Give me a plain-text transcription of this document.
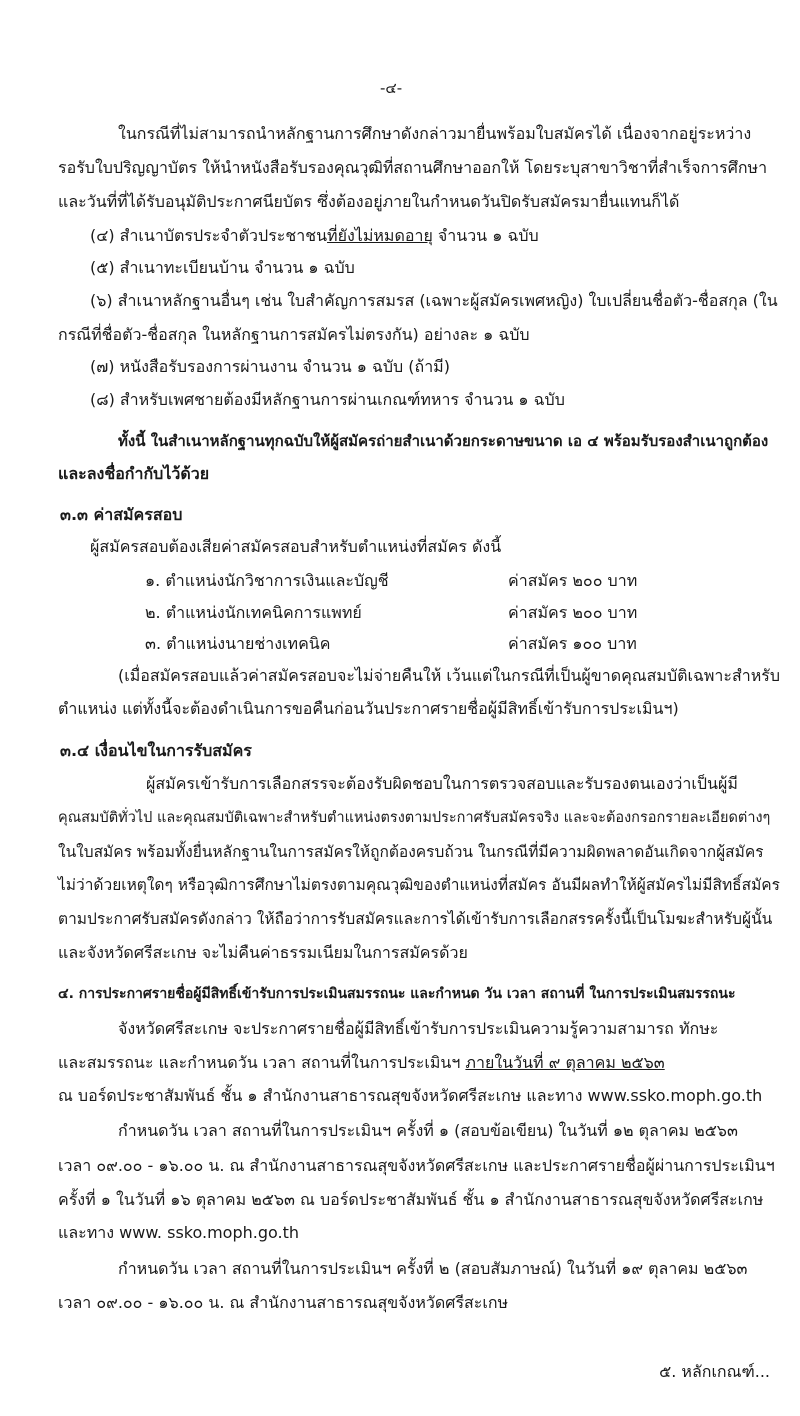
-๔-
ในกรณีที่ไม่สามารถนำหลักฐานการศึกษาดังกล่าวมายื่นพร้อมใบสมัครได้ เนื่องจากอยู่ระหว่าง
รอรับใบปริญญาบัตร ให้นำหนังสือรับรองคุณวุฒิที่สถานศึกษาออกให้ โดยระบุสาขาวิชาที่สำเร็จการศึกษา
และวันที่ที่ได้รับอนุมัติประกาศนียบัตร ซึ่งต้องอยู่ภายในกำหนดวันปิดรับสมัครมายื่นแทนก็ได้
(๔) สำเนาบัตรประจำตัวประชาชนที่ยังไม่หมดอายุ จำนวน ๑ ฉบับ
(๕) สำเนาทะเบียนบ้าน จำนวน ๑ ฉบับ
(๖) สำเนาหลักฐานอื่นๆ เช่น ใบสำคัญการสมรส (เฉพาะผู้สมัครเพศหญิง) ใบเปลี่ยนชื่อตัว-ชื่อสกุล (ใน
กรณีที่ชื่อตัว-ชื่อสกุล ในหลักฐานการสมัครไม่ตรงกัน) อย่างละ ๑ ฉบับ
(๗) หนังสือรับรองการผ่านงาน จำนวน ๑ ฉบับ (ถ้ามี)
(๘) สำหรับเพศชายต้องมีหลักฐานการผ่านเกณฑ์ทหาร จำนวน ๑ ฉบับ
ทั้งนี้ ในสำเนาหลักฐานทุกฉบับให้ผู้สมัครถ่ายสำเนาด้วยกระดาษขนาด เอ ๔ พร้อมรับรองสำเนาถูกต้อง
และลงชื่อกำกับไว้ด้วย
๓.๓ ค่าสมัครสอบ
ผู้สมัครสอบต้องเสียค่าสมัครสอบสำหรับตำแหน่งที่สมัคร ดังนี้
๑. ตำแหน่งนักวิชาการเงินและบัญชี	ค่าสมัคร ๒๐๐ บาท
๒. ตำแหน่งนักเทคนิคการแพทย์	ค่าสมัคร ๒๐๐ บาท
๓. ตำแหน่งนายช่างเทคนิค	ค่าสมัคร ๑๐๐ บาท
(เมื่อสมัครสอบแล้วค่าสมัครสอบจะไม่จ่ายคืนให้ เว้นแต่ในกรณีที่เป็นผู้ขาดคุณสมบัติเฉพาะสำหรับ
ตำแหน่ง แต่ทั้งนี้จะต้องดำเนินการขอคืนก่อนวันประกาศรายชื่อผู้มีสิทธิ์เข้ารับการประเมินฯ)
๓.๔ เงื่อนไขในการรับสมัคร
ผู้สมัครเข้ารับการเลือกสรรจะต้องรับผิดชอบในการตรวจสอบและรับรองตนเองว่าเป็นผู้มี
คุณสมบัติทั่วไป และคุณสมบัติเฉพาะสำหรับตำแหน่งตรงตามประกาศรับสมัครจริง และจะต้องกรอกรายละเอียดต่างๆ
ในใบสมัคร พร้อมทั้งยื่นหลักฐานในการสมัครให้ถูกต้องครบถ้วน ในกรณีที่มีความผิดพลาดอันเกิดจากผู้สมัคร
ไม่ว่าด้วยเหตุใดๆ หรือวุฒิการศึกษาไม่ตรงตามคุณวุฒิของตำแหน่งที่สมัคร อันมีผลทำให้ผู้สมัครไม่มีสิทธิ์สมัคร
ตามประกาศรับสมัครดังกล่าว ให้ถือว่าการรับสมัครและการได้เข้ารับการเลือกสรรครั้งนี้เป็นโมฆะสำหรับผู้นั้น
และจังหวัดศรีสะเกษ จะไม่คืนค่าธรรมเนียมในการสมัครด้วย
๔. การประกาศรายชื่อผู้มีสิทธิ์เข้ารับการประเมินสมรรถนะ และกำหนด วัน เวลา สถานที่ ในการประเมินสมรรถนะ
จังหวัดศรีสะเกษ จะประกาศรายชื่อผู้มีสิทธิ์เข้ารับการประเมินความรู้ความสามารถ ทักษะ
และสมรรถนะ และกำหนดวัน เวลา สถานที่ในการประเมินฯ ภายในวันที่ ๙ ตุลาคม ๒๕๖๓
ณ บอร์ดประชาสัมพันธ์ ชั้น ๑ สำนักงานสาธารณสุขจังหวัดศรีสะเกษ และทาง www.ssko.moph.go.th
กำหนดวัน เวลา สถานที่ในการประเมินฯ ครั้งที่ ๑ (สอบข้อเขียน) ในวันที่ ๑๒ ตุลาคม ๒๕๖๓
เวลา ๐๙.๐๐ - ๑๖.๐๐ น. ณ สำนักงานสาธารณสุขจังหวัดศรีสะเกษ และประกาศรายชื่อผู้ผ่านการประเมินฯ
ครั้งที่ ๑ ในวันที่ ๑๖ ตุลาคม ๒๕๖๓ ณ บอร์ดประชาสัมพันธ์ ชั้น ๑ สำนักงานสาธารณสุขจังหวัดศรีสะเกษ
และทาง www. ssko.moph.go.th
กำหนดวัน เวลา สถานที่ในการประเมินฯ ครั้งที่ ๒ (สอบสัมภาษณ์) ในวันที่ ๑๙ ตุลาคม ๒๕๖๓
เวลา ๐๙.๐๐ - ๑๖.๐๐ น. ณ สำนักงานสาธารณสุขจังหวัดศรีสะเกษ
๕. หลักเกณฑ์...
